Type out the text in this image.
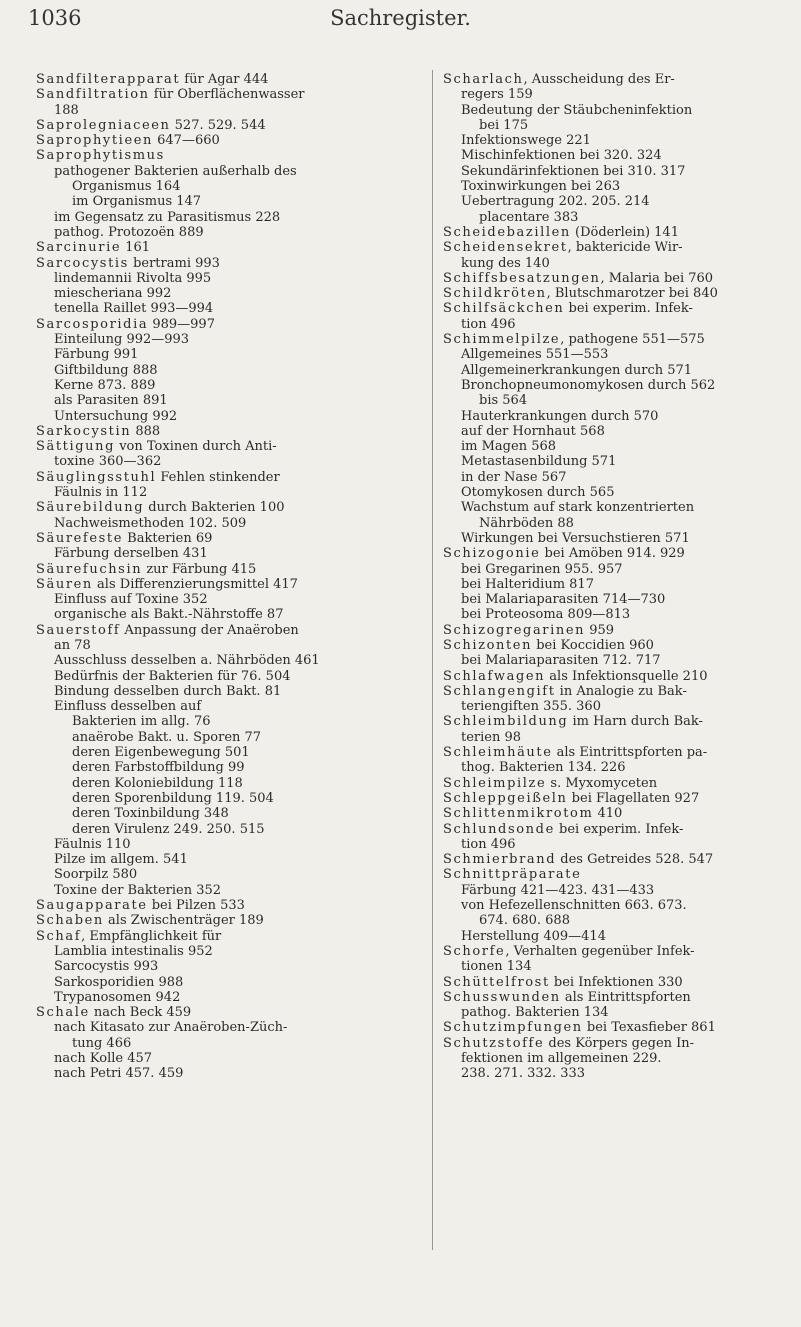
1036	Sachregister.
Sandfilterapparat für Agar 444
Sandfiltration für Oberflächenwasser
188
Saprolegniaceen 527. 529. 544
Saprophytieen 647—660
Saprophytismus
pathogener Bakterien außerhalb des
Organismus 164
im Organismus 147
im Gegensatz zu Parasitismus 228
pathog. Protozoën 889
Sarcinurie 161
Sarcocystis bertrami 993
lindemannii Rivolta 995
miescheriana 992
tenella Raillet 993—994
Sarcosporidia 989—997
Einteilung 992—993
Färbung 991
Giftbildung 888
Kerne 873. 889
als Parasiten 891
Untersuchung 992
Sarkocystin 888
Sättigung von Toxinen durch Anti-
toxine 360—362
Säuglingsstuhl Fehlen stinkender
Fäulnis in 112
Säurebildung durch Bakterien 100
Nachweismethoden 102. 509
Säurefeste Bakterien 69
Färbung derselben 431
Säurefuchsin zur Färbung 415
Säuren als Differenzierungsmittel 417
Einfluss auf Toxine 352
organische als Bakt.-Nährstoffe 87
Sauerstoff Anpassung der Anaëroben
an 78
Ausschluss desselben a. Nährböden 461
Bedürfnis der Bakterien für 76. 504
Bindung desselben durch Bakt. 81
Einfluss desselben auf
Bakterien im allg. 76
anaërobe Bakt. u. Sporen 77
deren Eigenbewegung 501
deren Farbstoffbildung 99
deren Koloniebildung 118
deren Sporenbildung 119. 504
deren Toxinbildung 348
deren Virulenz 249. 250. 515
Fäulnis 110
Pilze im allgem. 541
Soorpilz 580
Toxine der Bakterien 352
Saugapparate bei Pilzen 533
Schaben als Zwischenträger 189
Schaf, Empfänglichkeit für
Lamblia intestinalis 952
Sarcocystis 993
Sarkosporidien 988
Trypanosomen 942
Schale nach Beck 459
nach Kitasato zur Anaëroben-Züch-
tung 466
nach Kolle 457
nach Petri 457. 459
Scharlach, Ausscheidung des Er-
regers 159
Bedeutung der Stäubcheninfektion
bei 175
Infektionswege 221
Mischinfektionen bei 320. 324
Sekundärinfektionen bei 310. 317
Toxinwirkungen bei 263
Uebertragung 202. 205. 214
placentare 383
Scheidebazillen (Döderlein) 141
Scheidensekret, baktericide Wir-
kung des 140
Schiffsbesatzungen, Malaria bei 760
Schildkröten, Blutschmarotzer bei 840
Schilfsäckchen bei experim. Infek-
tion 496
Schimmelpilze, pathogene 551—575
Allgemeines 551—553
Allgemeinerkrankungen durch 571
Bronchopneumonomykosen durch 562
bis 564
Hauterkrankungen durch 570
auf der Hornhaut 568
im Magen 568
Metastasenbildung 571
in der Nase 567
Otomykosen durch 565
Wachstum auf stark konzentrierten
Nährböden 88
Wirkungen bei Versuchstieren 571
Schizogonie bei Amöben 914. 929
bei Gregarinen 955. 957
bei Halteridium 817
bei Malariaparasiten 714—730
bei Proteosoma 809—813
Schizogregarinen 959
Schizonten bei Koccidien 960
bei Malariaparasiten 712. 717
Schlafwagen als Infektionsquelle 210
Schlangengift in Analogie zu Bak-
teriengiften 355. 360
Schleimbildung im Harn durch Bak-
terien 98
Schleimhäute als Eintrittspforten pa-
thog. Bakterien 134. 226
Schleimpilze s. Myxomyceten
Schleppgeißeln bei Flagellaten 927
Schlittenmikrotom 410
Schlundsonde bei experim. Infek-
tion 496
Schmierbrand des Getreides 528. 547
Schnittpräparate
Färbung 421—423. 431—433
von Hefezellenschnitten 663. 673.
674. 680. 688
Herstellung 409—414
Schorfe, Verhalten gegenüber Infek-
tionen 134
Schüttelfrost bei Infektionen 330
Schusswunden als Eintrittspforten
pathog. Bakterien 134
Schutzimpfungen bei Texasfieber 861
Schutzstoffe des Körpers gegen In-
fektionen im allgemeinen 229.
238. 271. 332. 333
